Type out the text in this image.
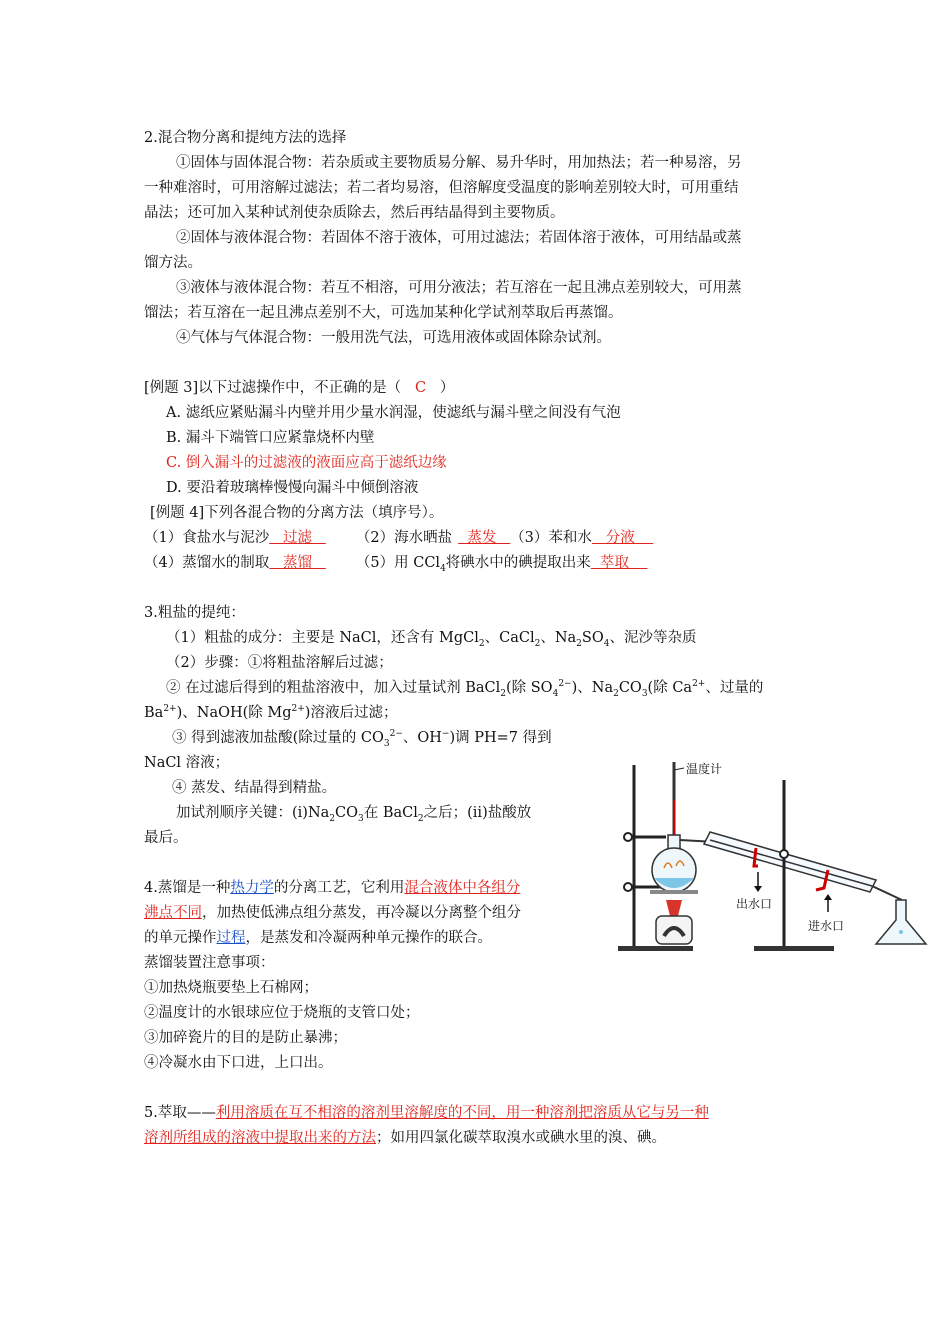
2.混合物分离和提纯方法的选择
①固体与固体混合物：若杂质或主要物质易分解、易升华时，用加热法；若一种易溶，另
一种难溶时，可用溶解过滤法；若二者均易溶，但溶解度受温度的影响差别较大时，可用重结
晶法；还可加入某种试剂使杂质除去，然后再结晶得到主要物质。
②固体与液体混合物：若固体不溶于液体，可用过滤法；若固体溶于液体，可用结晶或蒸
馏方法。
③液体与液体混合物：若互不相溶，可用分液法；若互溶在一起且沸点差别较大，可用蒸
馏法；若互溶在一起且沸点差别不大，可选加某种化学试剂萃取后再蒸馏。
④气体与气体混合物：一般用洗气法，可选用液体或固体除杂试剂。
[例题 3]以下过滤操作中，不正确的是（ C ）
A. 滤纸应紧贴漏斗内壁并用少量水润湿，使滤纸与漏斗壁之间没有气泡
B. 漏斗下端管口应紧靠烧杯内壁
C. 倒入漏斗的过滤液的液面应高于滤纸边缘
D. 要沿着玻璃棒慢慢向漏斗中倾倒溶液
[例题 4]下列各混合物的分离方法（填序号）。
（1）食盐水与泥沙   过滤   （2）海水晒盐  蒸发   （3）苯和水   分液
（4）蒸馏水的制取   蒸馏   （5）用 CCl$_4$将碘水中的碘提取出来  萃取
3.粗盐的提纯：
（1）粗盐的成分：主要是 NaCl，还含有 MgCl$_2$、CaCl$_2$、$Na_2SO_4$、泥沙等杂质
（2）步骤：①将粗盐溶解后过滤；
② 在过滤后得到的粗盐溶液中，加入过量试剂 BaCl$_2$(除 $SO_4^{2-}$)、$Na_2CO_3$(除 $Ca^{2+}$、过量的
$Ba^{2+}$)、NaOH(除 $Mg^{2+}$)溶液后过滤；
③ 得到滤液加盐酸(除过量的 $CO_3^{2-}$、OH−)调 PH=7 得到
NaCl 溶液；
④ 蒸发、结晶得到精盐。
加试剂顺序关键：$(ⅰ)Na_2CO_3$在 BaCl$_2$之后；(ⅱ)盐酸放
最后。
4.蒸馏是一种热力学的分离工艺，它利用混合液体中各组分
沸点不同，加热使低沸点组分蒸发，再冷凝以分离整个组分
的单元操作过程，是蒸发和冷凝两种单元操作的联合。
蒸馏装置注意事项：
①加热烧瓶要垫上石棉网；
②温度计的水银球应位于烧瓶的支管口处；
③加碎瓷片的目的是防止暴沸；
④冷凝水由下口进，上口出。
5.萃取——利用溶质在互不相溶的溶剂里溶解度的不同，用一种溶剂把溶质从它与另一种
溶剂所组成的溶液中提取出来的方法；如用四氯化碳萃取溴水或碘水里的溴、碘。
温度计
出水口
进水口
